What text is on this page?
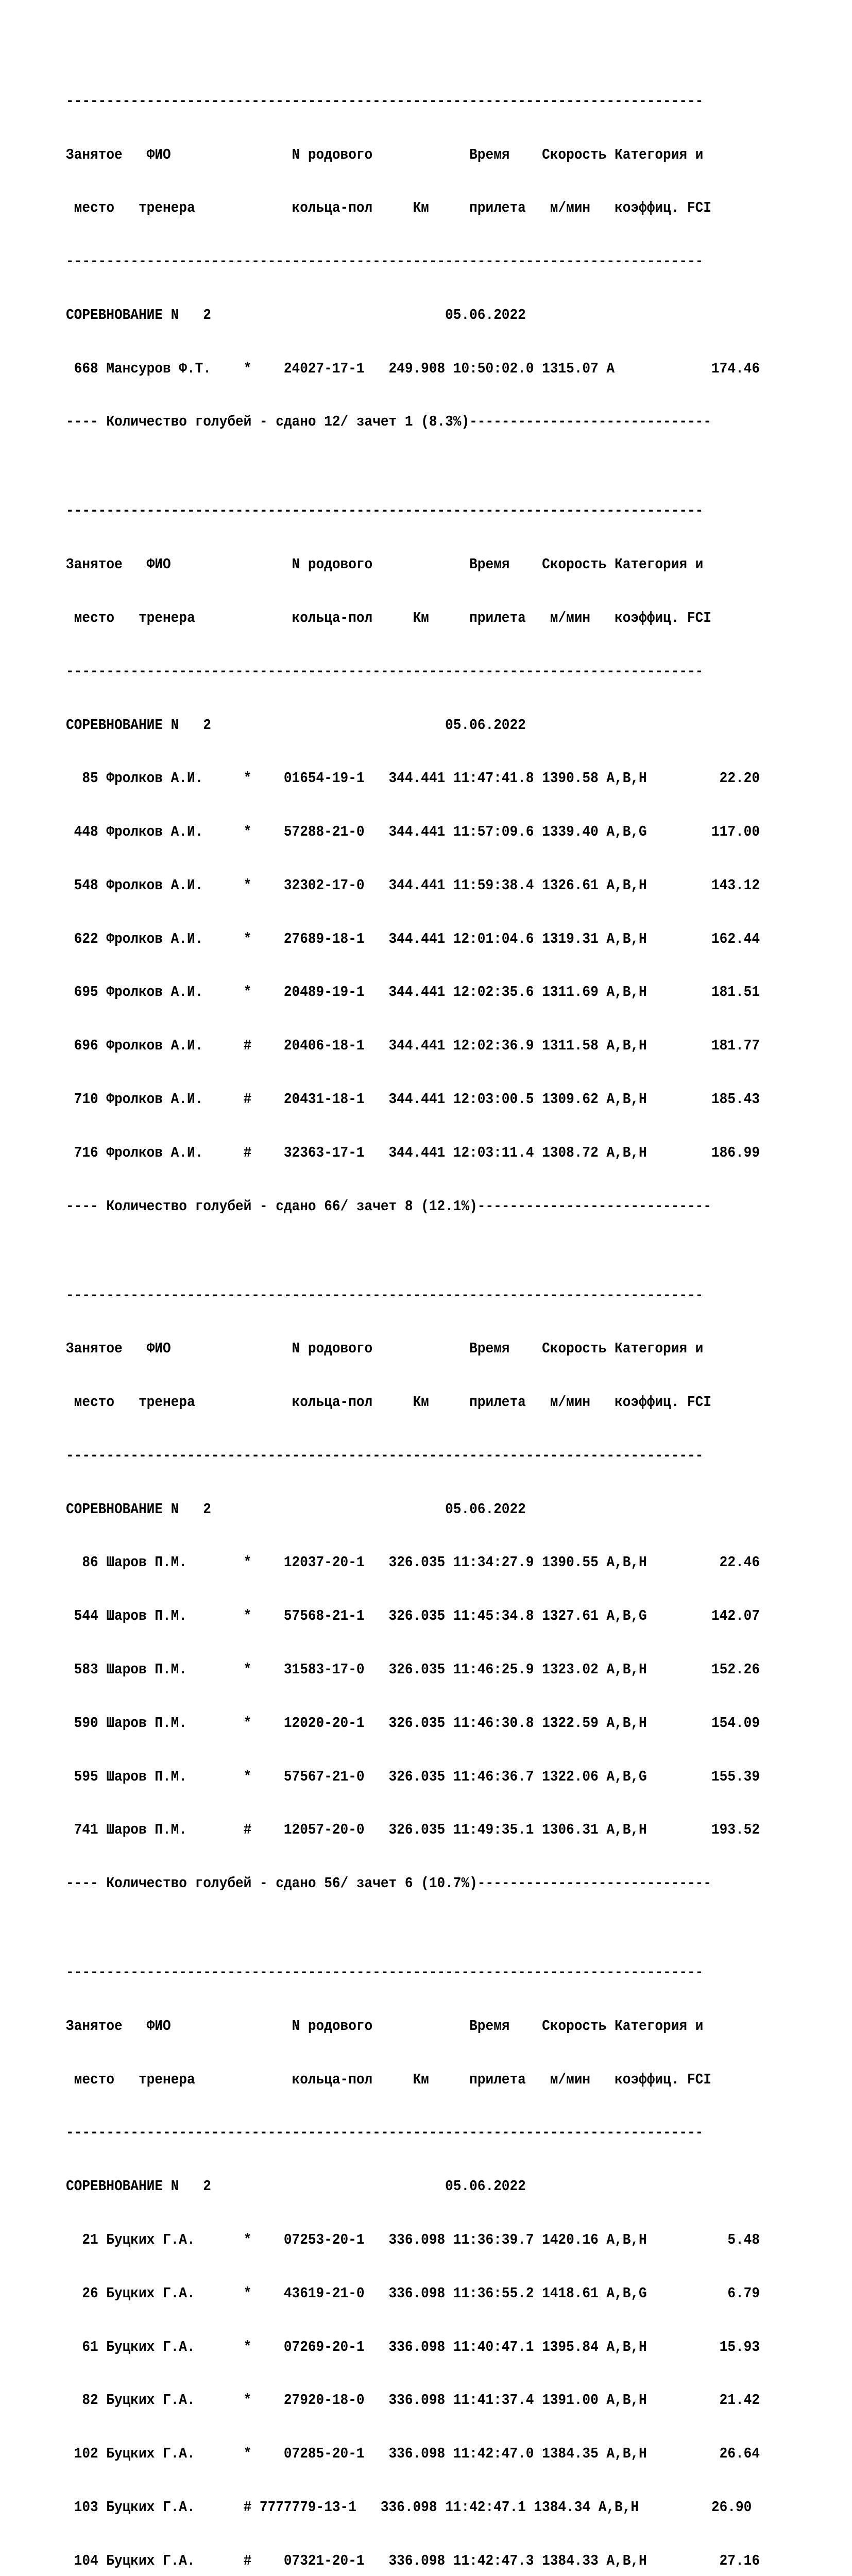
-------------------------------------------------------------------------------

Занятое   ФИО               N родового            Время    Скорость Категория и

место   тренера            кольца-пол     Км     прилета   м/мин   коэффиц. FCI

-------------------------------------------------------------------------------

СОРЕВНОВАНИЕ N   2                             05.06.2022

668 Мансуров Ф.Т.    *    24027-17-1   249.908 10:50:02.0 1315.07 A            174.46

---- Количество голубей - сдано 12/ зачет 1 (8.3%)------------------------------

-------------------------------------------------------------------------------

Занятое   ФИО               N родового            Время    Скорость Категория и

место   тренера            кольца-пол     Км     прилета   м/мин   коэффиц. FCI

-------------------------------------------------------------------------------

СОРЕВНОВАНИЕ N   2                             05.06.2022

85 Фролков А.И.     *    01654-19-1   344.441 11:47:41.8 1390.58 A,B,H         22.20

448 Фролков А.И.     *    57288-21-0   344.441 11:57:09.6 1339.40 A,B,G        117.00

548 Фролков А.И.     *    32302-17-0   344.441 11:59:38.4 1326.61 A,B,H        143.12

622 Фролков А.И.     *    27689-18-1   344.441 12:01:04.6 1319.31 A,B,H        162.44

695 Фролков А.И.     *    20489-19-1   344.441 12:02:35.6 1311.69 A,B,H        181.51

696 Фролков А.И.     #    20406-18-1   344.441 12:02:36.9 1311.58 A,B,H        181.77

710 Фролков А.И.     #    20431-18-1   344.441 12:03:00.5 1309.62 A,B,H        185.43

716 Фролков А.И.     #    32363-17-1   344.441 12:03:11.4 1308.72 A,B,H        186.99

---- Количество голубей - сдано 66/ зачет 8 (12.1%)-----------------------------

-------------------------------------------------------------------------------

Занятое   ФИО               N родового            Время    Скорость Категория и

место   тренера            кольца-пол     Км     прилета   м/мин   коэффиц. FCI

-------------------------------------------------------------------------------

СОРЕВНОВАНИЕ N   2                             05.06.2022

86 Шаров П.М.       *    12037-20-1   326.035 11:34:27.9 1390.55 A,B,H         22.46

544 Шаров П.М.       *    57568-21-1   326.035 11:45:34.8 1327.61 A,B,G        142.07

583 Шаров П.М.       *    31583-17-0   326.035 11:46:25.9 1323.02 A,B,H        152.26

590 Шаров П.М.       *    12020-20-1   326.035 11:46:30.8 1322.59 A,B,H        154.09

595 Шаров П.М.       *    57567-21-0   326.035 11:46:36.7 1322.06 A,B,G        155.39

741 Шаров П.М.       #    12057-20-0   326.035 11:49:35.1 1306.31 A,B,H        193.52

---- Количество голубей - сдано 56/ зачет 6 (10.7%)-----------------------------

-------------------------------------------------------------------------------

Занятое   ФИО               N родового            Время    Скорость Категория и

место   тренера            кольца-пол     Км     прилета   м/мин   коэффиц. FCI

-------------------------------------------------------------------------------

СОРЕВНОВАНИЕ N   2                             05.06.2022

21 Буцких Г.А.      *    07253-20-1   336.098 11:36:39.7 1420.16 A,B,H          5.48

26 Буцких Г.А.      *    43619-21-0   336.098 11:36:55.2 1418.61 A,B,G          6.79

61 Буцких Г.А.      *    07269-20-1   336.098 11:40:47.1 1395.84 A,B,H         15.93

82 Буцких Г.А.      *    27920-18-0   336.098 11:41:37.4 1391.00 A,B,H         21.42

102 Буцких Г.А.      *    07285-20-1   336.098 11:42:47.0 1384.35 A,B,H         26.64

103 Буцких Г.А.      # 7777779-13-1   336.098 11:42:47.1 1384.34 A,B,H         26.90

104 Буцких Г.А.      #    07321-20-1   336.098 11:42:47.3 1384.33 A,B,H         27.16
